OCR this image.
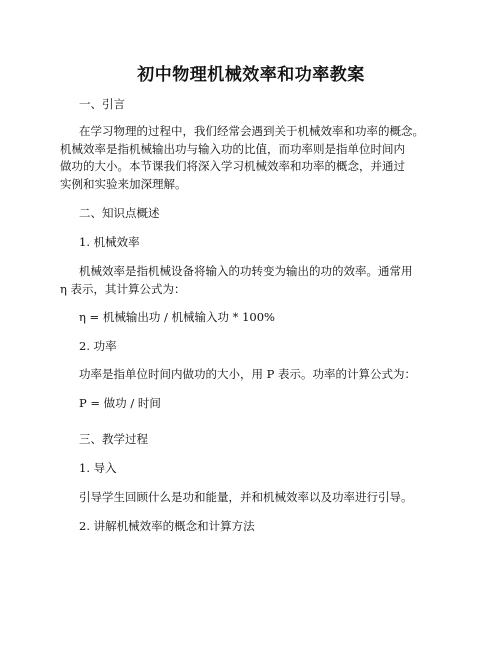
初中物理机械效率和功率教案
一、引言
在学习物理的过程中，我们经常会遇到关于机械效率和功率的概念。
机械效率是指机械输出功与输入功的比值，而功率则是指单位时间内
做功的大小。本节课我们将深入学习机械效率和功率的概念，并通过
实例和实验来加深理解。
二、知识点概述
1. 机械效率
机械效率是指机械设备将输入的功转变为输出的功的效率。通常用
η 表示，其计算公式为：
η = 机械输出功 / 机械输入功 * 100%
2. 功率
功率是指单位时间内做功的大小，用 P 表示。功率的计算公式为：
P = 做功 / 时间
三、教学过程
1. 导入
引导学生回顾什么是功和能量，并和机械效率以及功率进行引导。
2. 讲解机械效率的概念和计算方法
